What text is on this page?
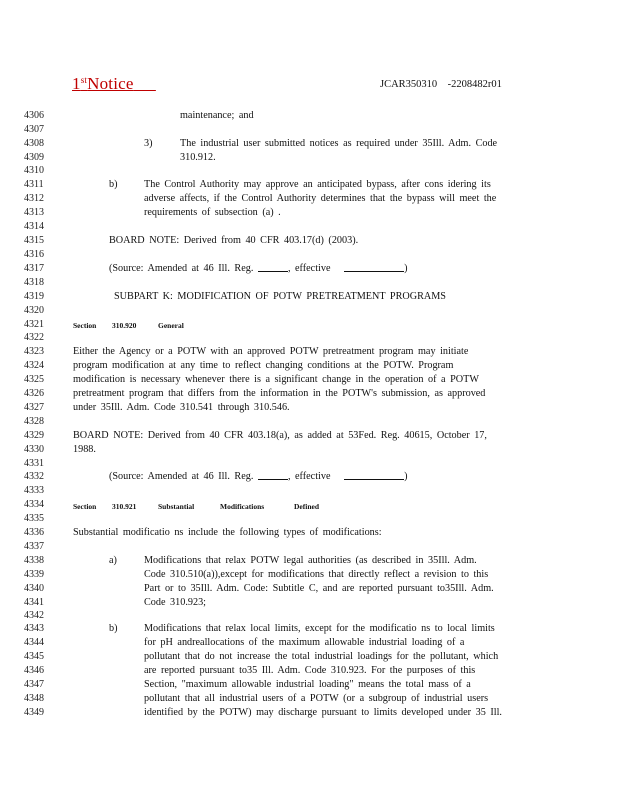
1stNotice	JCAR350310    -2208482r01
4306
4307
4308
4309
4310
4311
4312
4313
4314
4315
4316
4317
4318
4319
4320
4321
4322
4323
4324
4325
4326
4327
4328
4329
4330
4331
4332
4333
4334
4335
4336
4337
4338
4339
4340
4341
4342
4343
4344
4345
4346
4347
4348
4349
maintenance; and
3)	The industrial user submitted notices as required under 35Ill. Adm. Code
310.912.
b)	The Control Authority may approve an anticipated bypass, after cons idering its
adverse affects, if the Control Authority determines that the bypass will meet the
requirements of subsection (a) .
BOARD NOTE: Derived from 40 CFR 403.17(d) (2003).
(Source: Amended at 46 Ill. Reg.	, effective	)
SUBPART K: MODIFICATION OF POTW PRETREATMENT PROGRAMS
Section 310.920	General
Either the Agency or a POTW with an approved POTW pretreatment program may initiate
program modification at any time to reflect changing conditions at the POTW. Program
modification is necessary whenever there is a significant change in the operation of a POTW
pretreatment program that differs from the information in the POTW's submission, as approved
under 35Ill. Adm. Code 310.541 through 310.546.
BOARD NOTE: Derived from 40 CFR 403.18(a), as added at 53Fed. Reg. 40615, October 17,
1988.
(Source: Amended at 46 Ill. Reg.	, effective	)
Section 310.921	Substantial	Modifications	Defined
Substantial modificatio ns include the following types of modifications:
a)	Modifications that relax POTW legal authorities (as described in 35Ill. Adm.
Code 310.510(a)),except for modifications that directly reflect a revision to this
Part or to 35Ill. Adm. Code: Subtitle C, and are reported pursuant to35Ill. Adm.
Code 310.923;
b)	Modifications that relax local limits, except for the modificatio ns to local limits
for pH andreallocations of the maximum allowable industrial loading of a
pollutant that do not increase the total industrial loadings for the pollutant, which
are reported pursuant to35 Ill. Adm. Code 310.923. For the purposes of this
Section, "maximum allowable industrial loading" means the total mass of a
pollutant that all industrial users of a POTW (or a subgroup of industrial users
identified by the POTW) may discharge pursuant to limits developed under 35 Ill.
